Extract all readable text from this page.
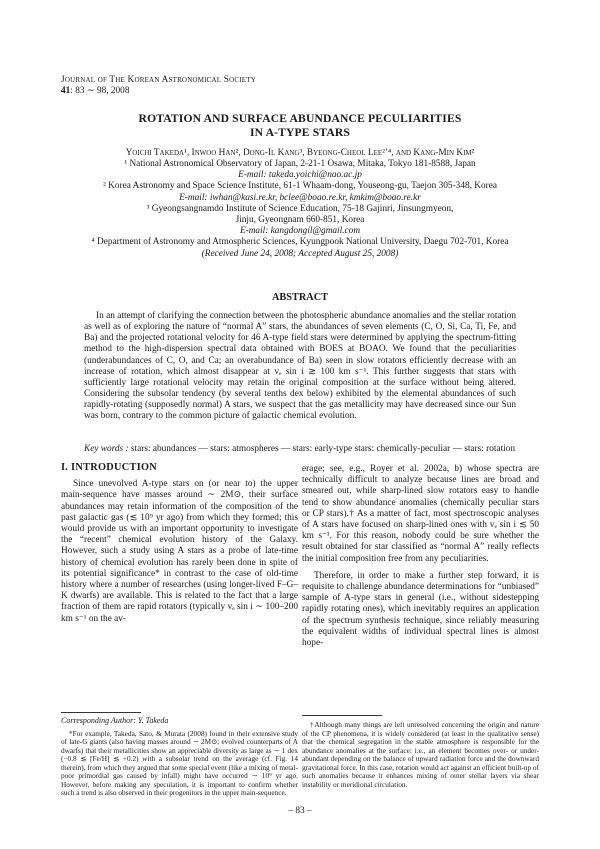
Journal of The Korean Astronomical Society
41: 83 ∼ 98, 2008
ROTATION AND SURFACE ABUNDANCE PECULIARITIES
IN A-TYPE STARS
Yoichi Takeda¹, Inwoo Han², Dong-Il Kang³, Byeong-Cheol Lee²ʼ⁴, and Kang-Min Kim²
¹ National Astronomical Observatory of Japan, 2-21-1 Osawa, Mitaka, Tokyo 181-8588, Japan
E-mail: takeda.yoichi@nao.ac.jp
² Korea Astronomy and Space Science Institute, 61-1 Whaam-dong, Youseong-gu, Taejon 305-348, Korea
E-mail: iwhan@kasi.re.kr, bclee@boao.re.kr, kmkim@boao.re.kr
³ Gyeongsangnamdo Institute of Science Education, 75-18 Gajinri, Jinsungmyeon,
Jinju, Gyeongnam 660-851, Korea
E-mail: kangdongil@gmail.com
⁴ Department of Astronomy and Atmospheric Sciences, Kyungpook National University, Daegu 702-701, Korea
(Received June 24, 2008; Accepted August 25, 2008)
ABSTRACT
In an attempt of clarifying the connection between the photospheric abundance anomalies and the stellar rotation as well as of exploring the nature of “normal A” stars, the abundances of seven elements (C, O, Si, Ca, Ti, Fe, and Ba) and the projected rotational velocity for 46 A-type field stars were determined by applying the spectrum-fitting method to the high-dispersion spectral data obtained with BOES at BOAO. We found that the peculiarities (underabundances of C, O, and Ca; an overabundance of Ba) seen in slow rotators efficiently decrease with an increase of rotation, which almost disappear at vₑ sin i ≳ 100 km s⁻¹. This further suggests that stars with sufficiently large rotational velocity may retain the original composition at the surface without being altered. Considering the subsolar tendency (by several tenths dex below) exhibited by the elemental abundances of such rapidly-rotating (supposedly normal) A stars, we suspect that the gas metallicity may have decreased since our Sun was born, contrary to the common picture of galactic chemical evolution.
Key words : stars: abundances — stars: atmospheres — stars: early-type stars: chemically-peculiar — stars: rotation
I. INTRODUCTION

Since unevolved A-type stars on (or near to) the upper main-sequence have masses around ∼ 2M⊙, their surface abundances may retain information of the composition of the past galactic gas (≲ 10⁹ yr ago) from which they formed; this would provide us with an important opportunity to investigate the “recent” chemical evolution history of the Galaxy. However, such a study using A stars as a probe of late-time history of chemical evolution has rarely been done in spite of its potential significance* in contrast to the case of old-time history where a number of researches (using longer-lived F–G–K dwarfs) are available. This is related to the fact that a large fraction of them are rapid rotators (typically vₑ sin i ∼ 100–200 km s⁻¹ on the av-

erage; see, e.g., Royer et al. 2002a, b) whose spectra are technically difficult to analyze because lines are broad and smeared out, while sharp-lined slow rotators easy to handle tend to show abundance anomalies (chemically peculiar stars or CP stars).† As a matter of fact, most spectroscopic analyses of A stars have focused on sharp-lined ones with vₑ sin i ≲ 50 km s⁻¹. For this reason, nobody could be sure whether the result obtained for star classified as “normal A” really reflects the initial composition free from any peculiarities.

Therefore, in order to make a further step forward, it is requisite to challenge abundance determinations for “unbiased” sample of A-type stars in general (i.e., without sidestepping rapidly rotating ones), which inevitably requires an application of the spectrum synthesis technique, since reliably measuring the equivalent widths of individual spectral lines is almost hope-

Corresponding Author: Y. Takeda

*For example, Takeda, Sato, & Murata (2008) found in their extensive study of late-G giants (also having masses around ∼ 2M⊙; evolved counterparts of A dwarfs) that their metallicities show an appreciable diversity as large as ∼ 1 dex (−0.8 ≲ [Fe/H] ≲ +0.2) with a subsolar trend on the average (cf. Fig. 14 therein), from which they argued that some special event (like a mixing of metal-poor primordial gas caused by infall) might have occurred ∼ 10⁹ yr ago. However, before making any speculation, it is important to confirm whether such a trend is also observed in their progenitors in the upper main-sequence.

†Although many things are left unresolved concerning the origin and nature of the CP phenomena, it is widely considered (at least in the qualitative sense) that the chemical segregation in the stable atmosphere is responsible for the abundance anomalies at the surface: i.e., an element becomes over- or under-abundant depending on the balance of upward radiation force and the downward gravitational force. In this case, rotation would act against an efficient built-up of such anomalies because it enhances mixing of outer stellar layers via shear instability or meridional circulation.

– 83 –
